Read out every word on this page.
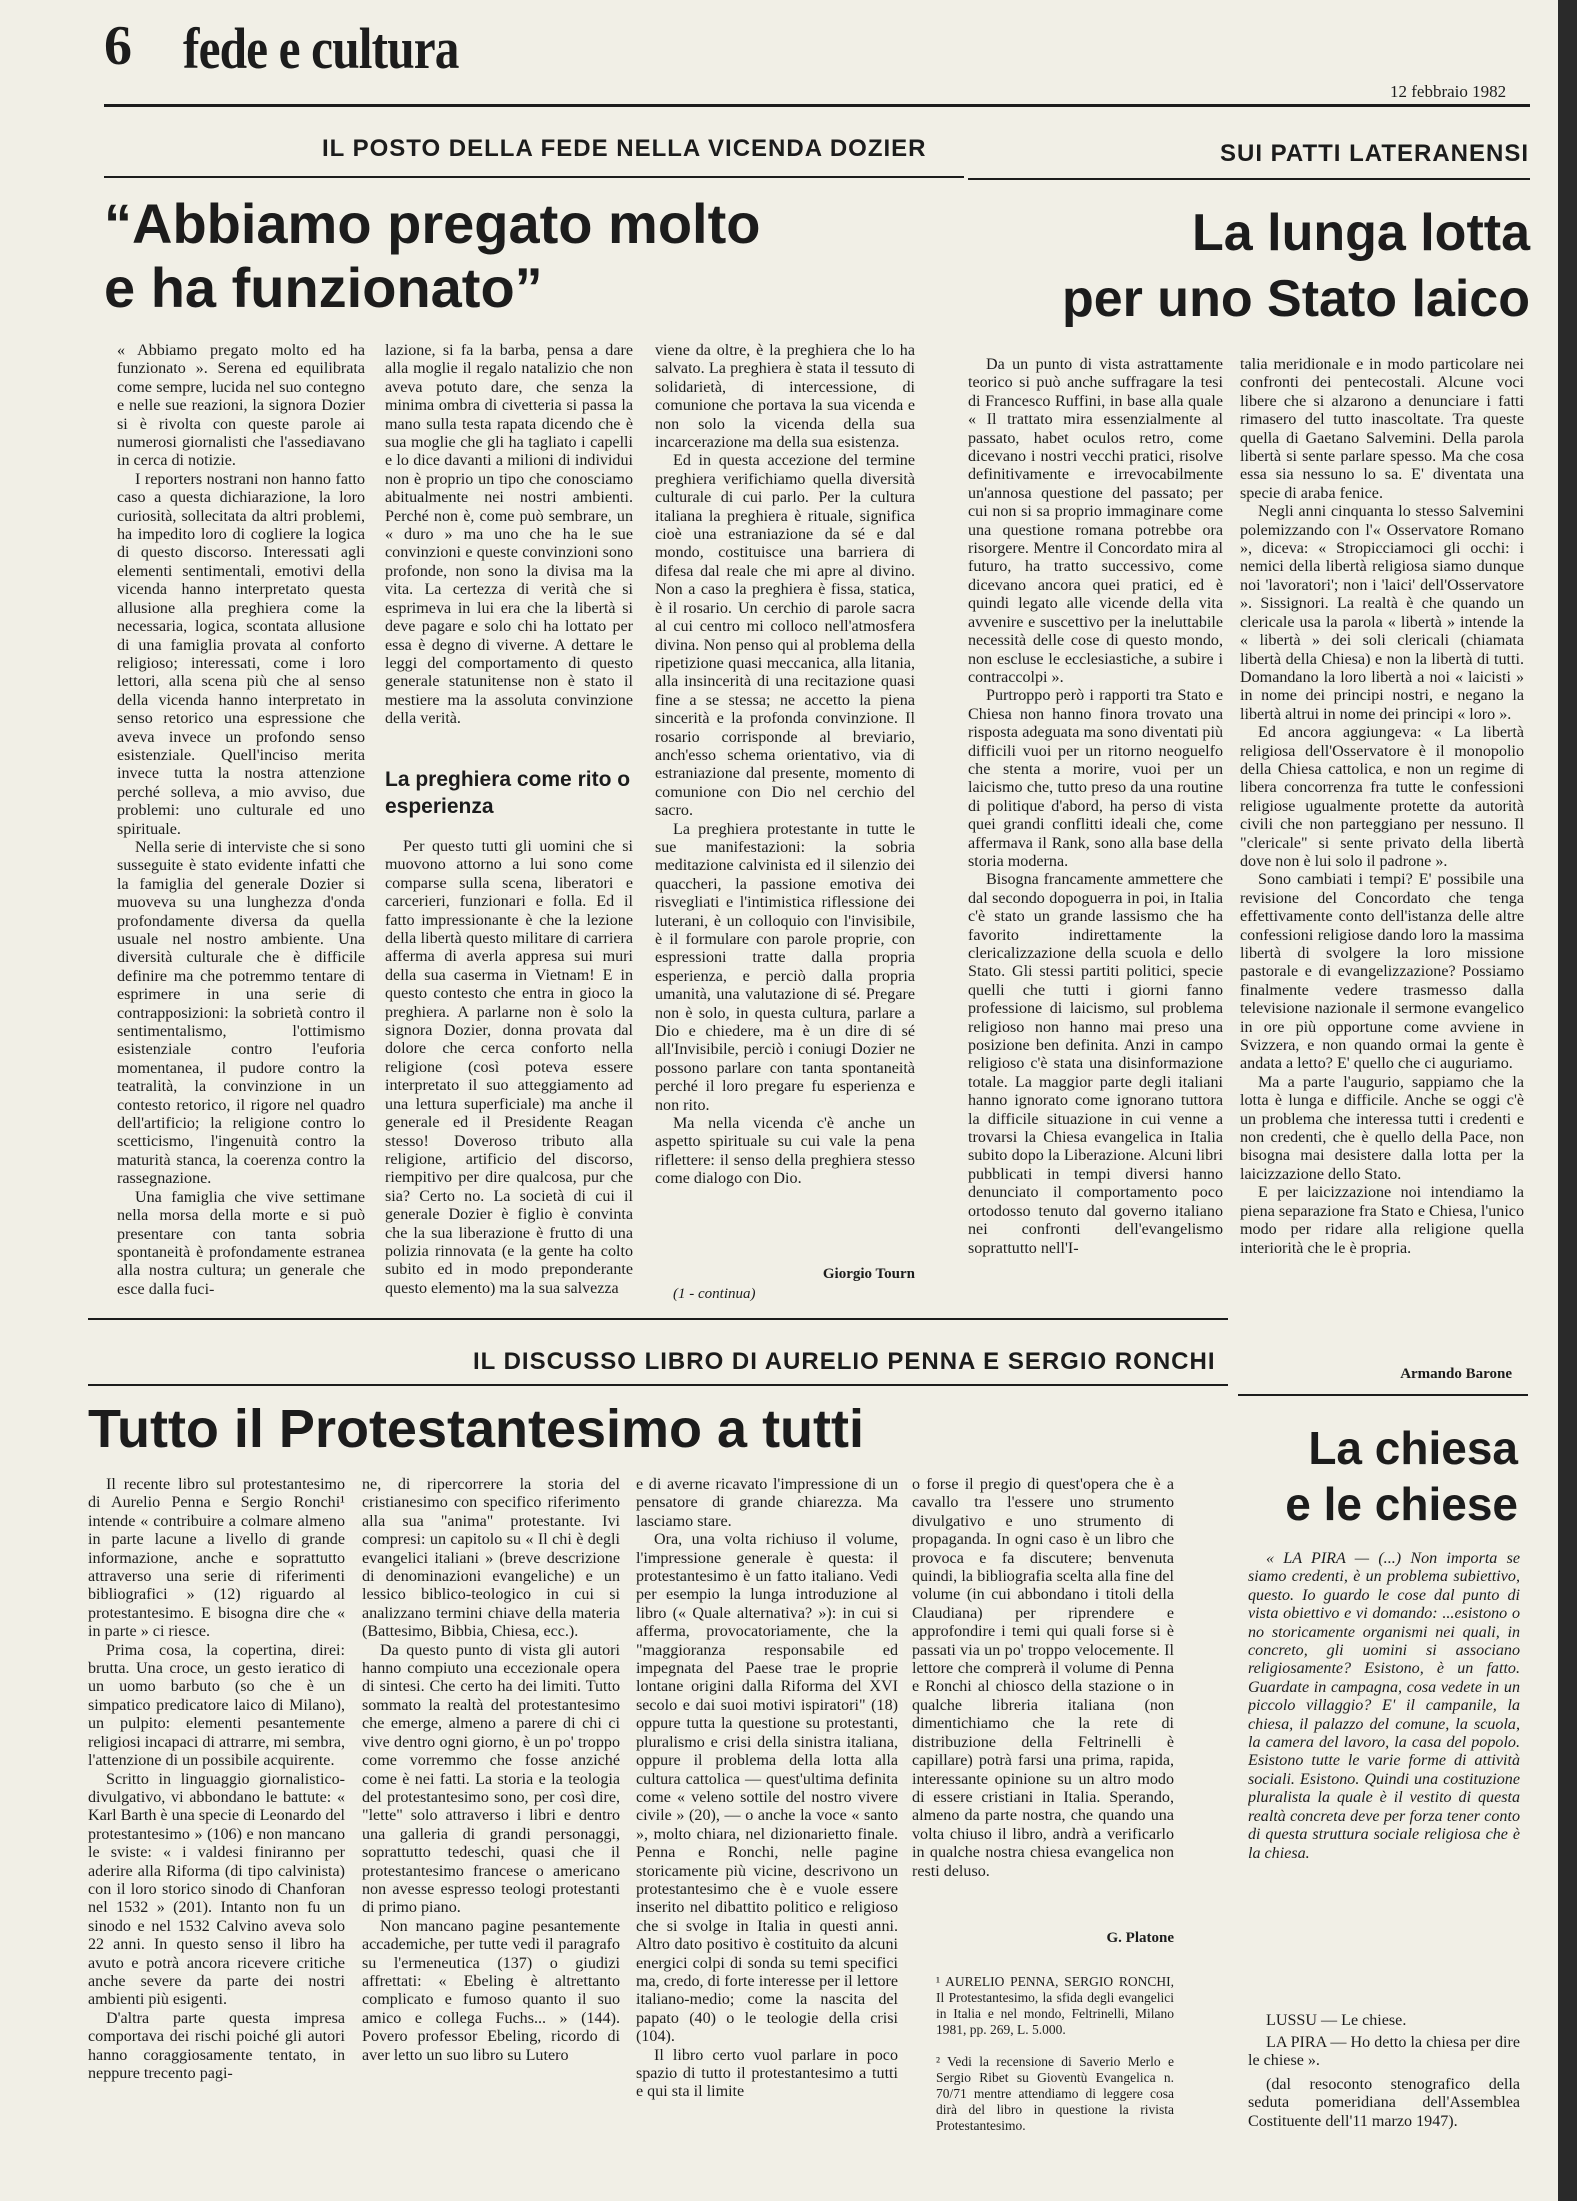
6 fede e cultura
12 febbraio 1982
IL POSTO DELLA FEDE NELLA VICENDA DOZIER
“Abbiamo pregato molto
e ha funzionato”

« Abbiamo pregato molto ed ha funzionato ». Serena ed equilibrata come sempre, lucida nel suo contegno e nelle sue reazioni, la signora Dozier si è rivolta con queste parole ai numerosi giornalisti che l'assediavano in cerca di notizie.

I reporters nostrani non hanno fatto caso a questa dichiarazione, la loro curiosità, sollecitata da altri problemi, ha impedito loro di cogliere la logica di questo discorso. Interessati agli elementi sentimentali, emotivi della vicenda hanno interpretato questa allusione alla preghiera come la necessaria, logica, scontata allusione di una famiglia provata al conforto religioso; interessati, come i loro lettori, alla scena più che al senso della vicenda hanno interpretato in senso retorico una espressione che aveva invece un profondo senso esistenziale. Quell'inciso merita invece tutta la nostra attenzione perché solleva, a mio avviso, due problemi: uno culturale ed uno spirituale.

Nella serie di interviste che si sono susseguite è stato evidente infatti che la famiglia del generale Dozier si muoveva su una lunghezza d'onda profondamente diversa da quella usuale nel nostro ambiente. Una diversità culturale che è difficile definire ma che potremmo tentare di esprimere in una serie di contrapposizioni: la sobrietà contro il sentimentalismo, l'ottimismo esistenziale contro l'euforia momentanea, il pudore contro la teatralità, la convinzione in un contesto retorico, il rigore nel quadro dell'artificio; la religione contro lo scetticismo, l'ingenuità contro la maturità stanca, la coerenza contro la rassegnazione.

Una famiglia che vive settimane nella morsa della morte e si può presentare con tanta sobria spontaneità è profondamente estranea alla nostra cultura; un generale che esce dalla fuci-

lazione, si fa la barba, pensa a dare alla moglie il regalo natalizio che non aveva potuto dare, che senza la minima ombra di civetteria si passa la mano sulla testa rapata dicendo che è sua moglie che gli ha tagliato i capelli e lo dice davanti a milioni di individui non è proprio un tipo che conosciamo abitualmente nei nostri ambienti. Perché non è, come può sembrare, un « duro » ma uno che ha le sue convinzioni e queste convinzioni sono profonde, non sono la divisa ma la vita. La certezza di verità che si esprimeva in lui era che la libertà si deve pagare e solo chi ha lottato per essa è degno di viverne. A dettare le leggi del comportamento di questo generale statunitense non è stato il mestiere ma la assoluta convinzione della verità.

La preghiera come rito o esperienza

Per questo tutti gli uomini che si muovono attorno a lui sono come comparse sulla scena, liberatori e carcerieri, funzionari e folla. Ed il fatto impressionante è che la lezione della libertà questo militare di carriera afferma di averla appresa sui muri della sua caserma in Vietnam! E in questo contesto che entra in gioco la preghiera. A parlarne non è solo la signora Dozier, donna provata dal dolore che cerca conforto nella religione (così poteva essere interpretato il suo atteggiamento ad una lettura superficiale) ma anche il generale ed il Presidente Reagan stesso! Doveroso tributo alla religione, artificio del discorso, riempitivo per dire qualcosa, pur che sia? Certo no. La società di cui il generale Dozier è figlio è convinta che la sua liberazione è frutto di una polizia rinnovata (e la gente ha colto subito ed in modo preponderante questo elemento) ma la sua salvezza

viene da oltre, è la preghiera che lo ha salvato. La preghiera è stata il tessuto di solidarietà, di intercessione, di comunione che portava la sua vicenda e non solo la vicenda della sua incarcerazione ma della sua esistenza.

Ed in questa accezione del termine preghiera verifichiamo quella diversità culturale di cui parlo. Per la cultura italiana la preghiera è rituale, significa cioè una estraniazione da sé e dal mondo, costituisce una barriera di difesa dal reale che mi apre al divino. Non a caso la preghiera è fissa, statica, è il rosario. Un cerchio di parole sacra al cui centro mi colloco nell'atmosfera divina. Non penso qui al problema della ripetizione quasi meccanica, alla litania, alla insincerità di una recitazione quasi fine a se stessa; ne accetto la piena sincerità e la profonda convinzione. Il rosario corrisponde al breviario, anch'esso schema orientativo, via di estraniazione dal presente, momento di comunione con Dio nel cerchio del sacro.

La preghiera protestante in tutte le sue manifestazioni: la sobria meditazione calvinista ed il silenzio dei quaccheri, la passione emotiva dei risvegliati e l'intimistica riflessione dei luterani, è un colloquio con l'invisibile, è il formulare con parole proprie, con espressioni tratte dalla propria esperienza, e perciò dalla propria umanità, una valutazione di sé. Pregare non è solo, in questa cultura, parlare a Dio e chiedere, ma è un dire di sé all'Invisibile, perciò i coniugi Dozier ne possono parlare con tanta spontaneità perché il loro pregare fu esperienza e non rito.

Ma nella vicenda c'è anche un aspetto spirituale su cui vale la pena riflettere: il senso della preghiera stesso come dialogo con Dio.

Giorgio Tourn
(1 - continua)
SUI PATTI LATERANENSI
La lunga lotta
per uno Stato laico

Da un punto di vista astrattamente teorico si può anche suffragare la tesi di Francesco Ruffini, in base alla quale « Il trattato mira essenzialmente al passato, habet oculos retro, come dicevano i nostri vecchi pratici, risolve definitivamente e irrevocabilmente un'annosa questione del passato; per cui non si sa proprio immaginare come una questione romana potrebbe ora risorgere. Mentre il Concordato mira al futuro, ha tratto successivo, come dicevano ancora quei pratici, ed è quindi legato alle vicende della vita avvenire e suscettivo per la ineluttabile necessità delle cose di questo mondo, non escluse le ecclesiastiche, a subire i contraccolpi ».

Purtroppo però i rapporti tra Stato e Chiesa non hanno finora trovato una risposta adeguata ma sono diventati più difficili vuoi per un ritorno neoguelfo che stenta a morire, vuoi per un laicismo che, tutto preso da una routine di politique d'abord, ha perso di vista quei grandi conflitti ideali che, come affermava il Rank, sono alla base della storia moderna.

Bisogna francamente ammettere che dal secondo dopoguerra in poi, in Italia c'è stato un grande lassismo che ha favorito indirettamente la clericalizzazione della scuola e dello Stato. Gli stessi partiti politici, specie quelli che tutti i giorni fanno professione di laicismo, sul problema religioso non hanno mai preso una posizione ben definita. Anzi in campo religioso c'è stata una disinformazione totale. La maggior parte degli italiani hanno ignorato come ignorano tuttora la difficile situazione in cui venne a trovarsi la Chiesa evangelica in Italia subito dopo la Liberazione. Alcuni libri pubblicati in tempi diversi hanno denunciato il comportamento poco ortodosso tenuto dal governo italiano nei confronti dell'evangelismo soprattutto nell'I-

talia meridionale e in modo particolare nei confronti dei pentecostali. Alcune voci libere che si alzarono a denunciare i fatti rimasero del tutto inascoltate. Tra queste quella di Gaetano Salvemini. Della parola libertà si sente parlare spesso. Ma che cosa essa sia nessuno lo sa. E' diventata una specie di araba fenice.

Negli anni cinquanta lo stesso Salvemini polemizzando con l'« Osservatore Romano », diceva: « Stropicciamoci gli occhi: i nemici della libertà religiosa siamo dunque noi 'lavoratori'; non i 'laici' dell'Osservatore ». Sissignori. La realtà è che quando un clericale usa la parola « libertà » intende la « libertà » dei soli clericali (chiamata libertà della Chiesa) e non la libertà di tutti. Domandano la loro libertà a noi « laicisti » in nome dei principi nostri, e negano la libertà altrui in nome dei principi « loro ».

Ed ancora aggiungeva: « La libertà religiosa dell'Osservatore è il monopolio della Chiesa cattolica, e non un regime di libera concorrenza fra tutte le confessioni religiose ugualmente protette da autorità civili che non parteggiano per nessuno. Il "clericale" si sente privato della libertà dove non è lui solo il padrone ».

Sono cambiati i tempi? E' possibile una revisione del Concordato che tenga effettivamente conto dell'istanza delle altre confessioni religiose dando loro la massima libertà di svolgere la loro missione pastorale e di evangelizzazione? Possiamo finalmente vedere trasmesso dalla televisione nazionale il sermone evangelico in ore più opportune come avviene in Svizzera, e non quando ormai la gente è andata a letto? E' quello che ci auguriamo.

Ma a parte l'augurio, sappiamo che la lotta è lunga e difficile. Anche se oggi c'è un problema che interessa tutti i credenti e non credenti, che è quello della Pace, non bisogna mai desistere dalla lotta per la laicizzazione dello Stato.

E per laicizzazione noi intendiamo la piena separazione fra Stato e Chiesa, l'unico modo per ridare alla religione quella interiorità che le è propria.

Armando Barone
IL DISCUSSO LIBRO DI AURELIO PENNA E SERGIO RONCHI
Tutto il Protestantesimo a tutti

Il recente libro sul protestantesimo di Aurelio Penna e Sergio Ronchi¹ intende « contribuire a colmare almeno in parte lacune a livello di grande informazione, anche e soprattutto attraverso una serie di riferimenti bibliografici » (12) riguardo al protestantesimo. E bisogna dire che « in parte » ci riesce.

Prima cosa, la copertina, direi: brutta. Una croce, un gesto ieratico di un uomo barbuto (so che è un simpatico predicatore laico di Milano), un pulpito: elementi pesantemente religiosi incapaci di attrarre, mi sembra, l'attenzione di un possibile acquirente.

Scritto in linguaggio giornalistico-divulgativo, vi abbondano le battute: « Karl Barth è una specie di Leonardo del protestantesimo » (106) e non mancano le sviste: « i valdesi finiranno per aderire alla Riforma (di tipo calvinista) con il loro storico sinodo di Chanforan nel 1532 » (201). Intanto non fu un sinodo e nel 1532 Calvino aveva solo 22 anni. In questo senso il libro ha avuto e potrà ancora ricevere critiche anche severe da parte dei nostri ambienti più esigenti.

D'altra parte questa impresa comportava dei rischi poiché gli autori hanno coraggiosamente tentato, in neppure trecento pagi-

ne, di ripercorrere la storia del cristianesimo con specifico riferimento alla sua "anima" protestante. Ivi compresi: un capitolo su « Il chi è degli evangelici italiani » (breve descrizione di denominazioni evangeliche) e un lessico biblico-teologico in cui si analizzano termini chiave della materia (Battesimo, Bibbia, Chiesa, ecc.).

Da questo punto di vista gli autori hanno compiuto una eccezionale opera di sintesi. Che certo ha dei limiti. Tutto sommato la realtà del protestantesimo che emerge, almeno a parere di chi ci vive dentro ogni giorno, è un po' troppo come vorremmo che fosse anziché come è nei fatti. La storia e la teologia del protestantesimo sono, per così dire, "lette" solo attraverso i libri e dentro una galleria di grandi personaggi, soprattutto tedeschi, quasi che il protestantesimo francese o americano non avesse espresso teologi protestanti di primo piano.

Non mancano pagine pesantemente accademiche, per tutte vedi il paragrafo su l'ermeneutica (137) o giudizi affrettati: « Ebeling è altrettanto complicato e fumoso quanto il suo amico e collega Fuchs... » (144). Povero professor Ebeling, ricordo di aver letto un suo libro su Lutero

e di averne ricavato l'impressione di un pensatore di grande chiarezza. Ma lasciamo stare.

Ora, una volta richiuso il volume, l'impressione generale è questa: il protestantesimo è un fatto italiano. Vedi per esempio la lunga introduzione al libro (« Quale alternativa? »): in cui si afferma, provocatoriamente, che la "maggioranza responsabile ed impegnata del Paese trae le proprie lontane origini dalla Riforma del XVI secolo e dai suoi motivi ispiratori" (18) oppure tutta la questione su protestanti, pluralismo e crisi della sinistra italiana, oppure il problema della lotta alla cultura cattolica — quest'ultima definita come « veleno sottile del nostro vivere civile » (20), — o anche la voce « santo », molto chiara, nel dizionarietto finale. Penna e Ronchi, nelle pagine storicamente più vicine, descrivono un protestantesimo che è e vuole essere inserito nel dibattito politico e religioso che si svolge in Italia in questi anni. Altro dato positivo è costituito da alcuni energici colpi di sonda su temi specifici ma, credo, di forte interesse per il lettore italiano-medio; come la nascita del papato (40) o le teologie della crisi (104).

Il libro certo vuol parlare in poco spazio di tutto il protestantesimo a tutti e qui sta il limite

o forse il pregio di quest'opera che è a cavallo tra l'essere uno strumento divulgativo e uno strumento di propaganda. In ogni caso è un libro che provoca e fa discutere; benvenuta quindi, la bibliografia scelta alla fine del volume (in cui abbondano i titoli della Claudiana) per riprendere e approfondire i temi qui quali forse si è passati via un po' troppo velocemente. Il lettore che comprerà il volume di Penna e Ronchi al chiosco della stazione o in qualche libreria italiana (non dimentichiamo che la rete di distribuzione della Feltrinelli è capillare) potrà farsi una prima, rapida, interessante opinione su un altro modo di essere cristiani in Italia. Sperando, almeno da parte nostra, che quando una volta chiuso il libro, andrà a verificarlo in qualche nostra chiesa evangelica non resti deluso.

G. Platone
¹ AURELIO PENNA, SERGIO RONCHI, Il Protestantesimo, la sfida degli evangelici in Italia e nel mondo, Feltrinelli, Milano 1981, pp. 269, L. 5.000.
² Vedi la recensione di Saverio Merlo e Sergio Ribet su Gioventù Evangelica n. 70/71 mentre attendiamo di leggere cosa dirà del libro in questione la rivista Protestantesimo.
La chiesa
e le chiese

« LA PIRA — (...) Non importa se siamo credenti, è un problema subiettivo, questo. Io guardo le cose dal punto di vista obiettivo e vi domando: ...esistono o no storicamente organismi nei quali, in concreto, gli uomini si associano religiosamente? Esistono, è un fatto. Guardate in campagna, cosa vedete in un piccolo villaggio? E' il campanile, la chiesa, il palazzo del comune, la scuola, la camera del lavoro, la casa del popolo. Esistono tutte le varie forme di attività sociali. Esistono. Quindi una costituzione pluralista la quale è il vestito di questa realtà concreta deve per forza tener conto di questa struttura sociale religiosa che è la chiesa.

LUSSU — Le chiese.

LA PIRA — Ho detto la chiesa per dire le chiese ».

(dal resoconto stenografico della seduta pomeridiana dell'Assemblea Costituente dell'11 marzo 1947).
